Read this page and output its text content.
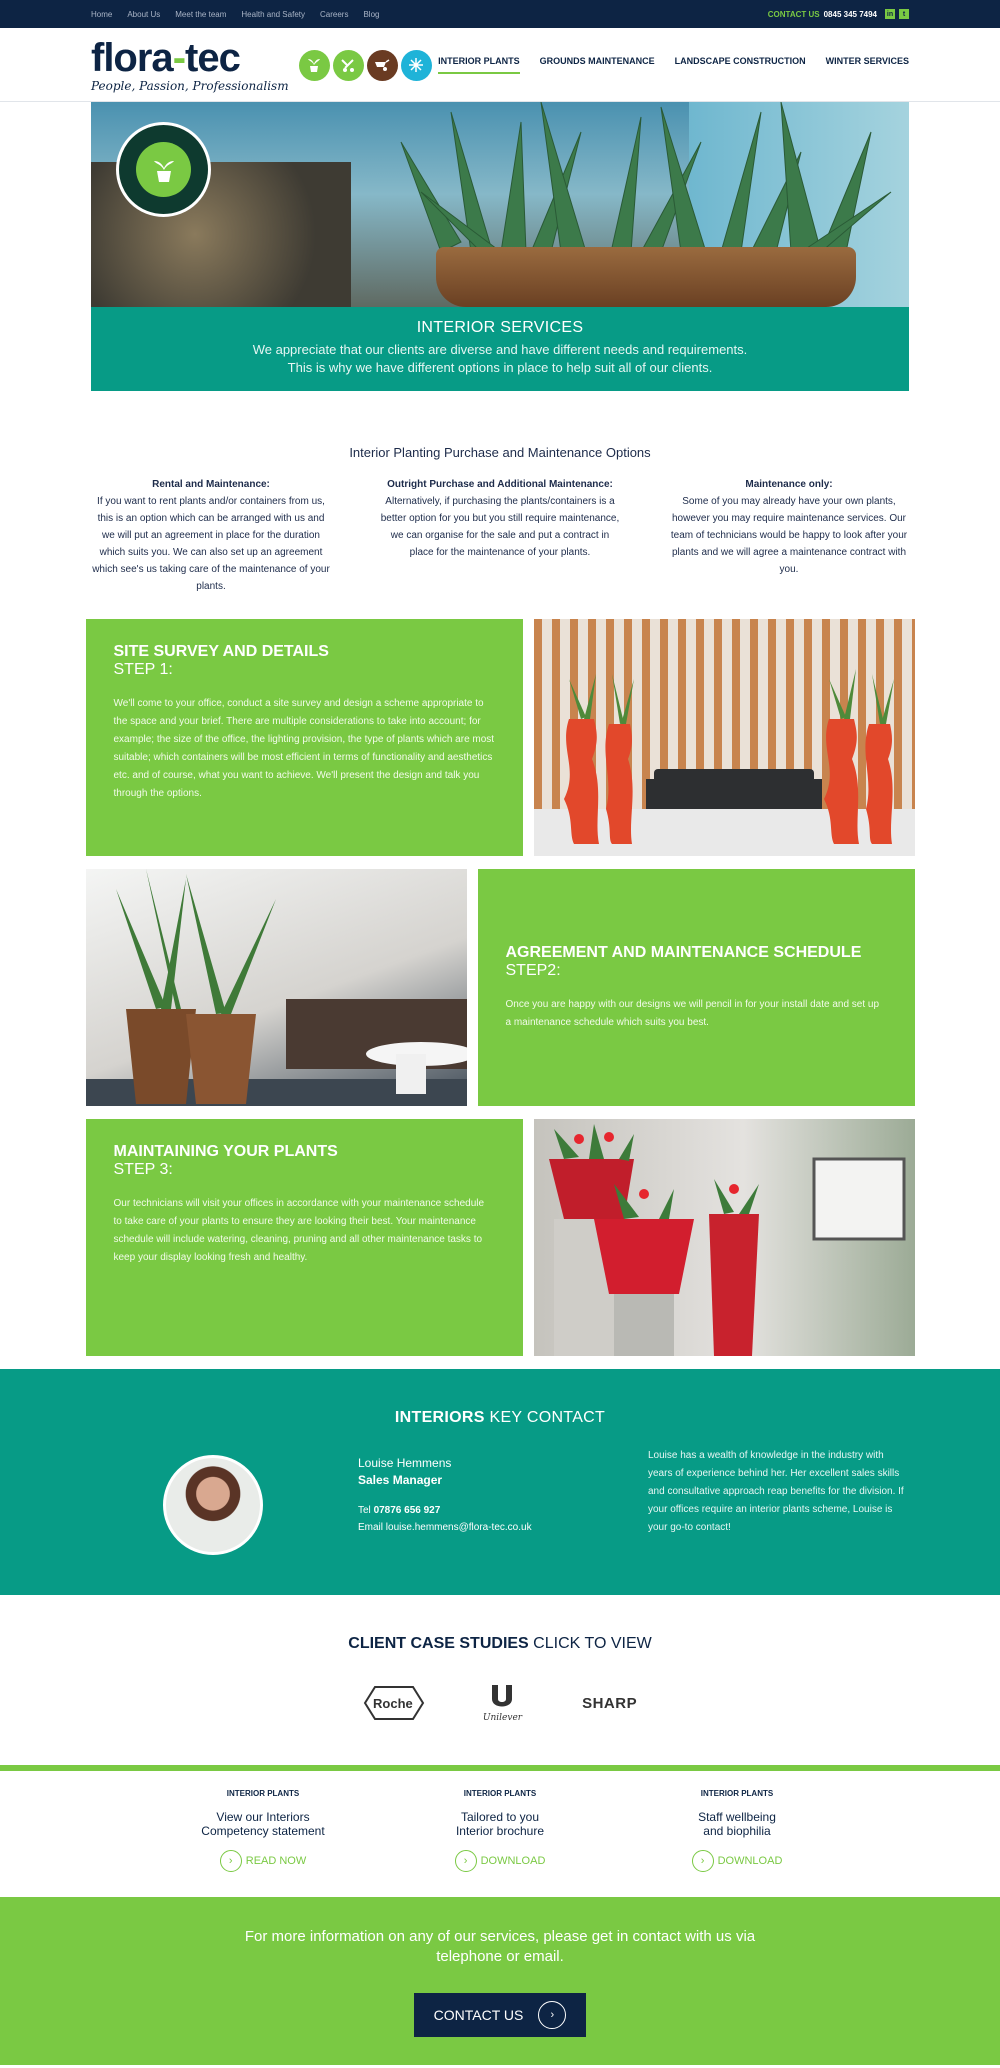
Home About Us Meet the team Health and Safety Careers Blog	CONTACT US 0845 345 7494 in	t
flora-tec
People, Passion, Professionalism
INTERIOR PLANTS GROUNDS MAINTENANCE LANDSCAPE CONSTRUCTION WINTER SERVICES
INTERIOR SERVICES

We appreciate that our clients are diverse and have different needs and requirements.

This is why we have different options in place to help suit all of our clients.

Interior Planting Purchase and Maintenance Options
Rental and Maintenance:
If you want to rent plants and/or containers from us, this is an option which can be arranged with us and we will put an agreement in place for the duration which suits you. We can also set up an agreement which see's us taking care of the maintenance of your plants.
Outright Purchase and Additional Maintenance:
Alternatively, if purchasing the plants/containers is a better option for you but you still require maintenance, we can organise for the sale and put a contract in place for the maintenance of your plants.
Maintenance only:
Some of you may already have your own plants, however you may require maintenance services. Our team of technicians would be happy to look after your plants and we will agree a maintenance contract with you.
SITE SURVEY AND DETAILS
STEP 1:

We'll come to your office, conduct a site survey and design a scheme appropriate to the space and your brief. There are multiple considerations to take into account; for example; the size of the office, the lighting provision, the type of plants which are most suitable; which containers will be most efficient in terms of functionality and aesthetics etc. and of course, what you want to achieve. We'll present the design and talk you through the options.

AGREEMENT AND MAINTENANCE SCHEDULE
STEP2:

Once you are happy with our designs we will pencil in for your install date and set up a maintenance schedule which suits you best.

MAINTAINING YOUR PLANTS
STEP 3:

Our technicians will visit your offices in accordance with your maintenance schedule to take care of your plants to ensure they are looking their best. Your maintenance schedule will include watering, cleaning, pruning and all other maintenance tasks to keep your display looking fresh and healthy.

INTERIORS KEY CONTACT
Louise Hemmens
Sales Manager
Tel 07876 656 927
Email louise.hemmens@flora-tec.co.uk
Louise has a wealth of knowledge in the industry with years of experience behind her. Her excellent sales skills and consultative approach reap benefits for the division. If your offices require an interior plants scheme, Louise is your go-to contact!
CLIENT CASE STUDIES CLICK TO VIEW
Roche
Unilever
SHARP
INTERIOR PLANTS
View our Interiors
Competency statement
›	READ NOW
INTERIOR PLANTS
Tailored to you
Interior brochure
›	DOWNLOAD
INTERIOR PLANTS
Staff wellbeing
and biophilia
›	DOWNLOAD

For more information on any of our services, please get in contact with us via telephone or email.

CONTACT US	›
